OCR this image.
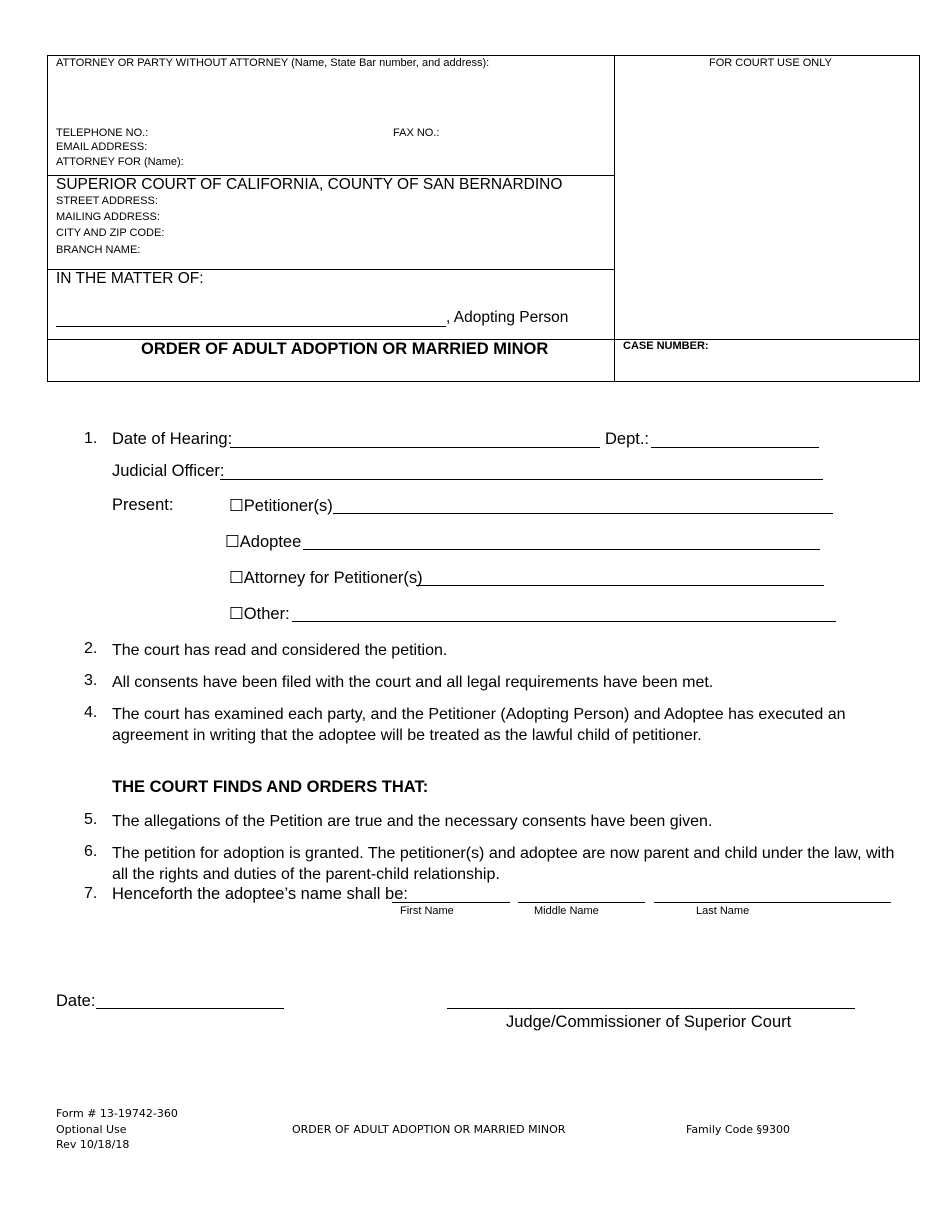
ATTORNEY OR PARTY WITHOUT ATTORNEY (Name, State Bar number, and address):	FOR COURT USE ONLY
TELEPHONE NO.:	FAX NO.:
EMAIL ADDRESS:
ATTORNEY FOR (Name):
SUPERIOR COURT OF CALIFORNIA, COUNTY OF SAN BERNARDINO
STREET ADDRESS:
MAILING ADDRESS:
CITY AND ZIP CODE:
BRANCH NAME:
IN THE MATTER OF:
, Adopting Person
ORDER OF ADULT ADOPTION OR MARRIED MINOR	CASE NUMBER:
1. Date of Hearing:	Dept.:
Judicial Officer:
Present:	☐Petitioner(s)
☐Adoptee
☐Attorney for Petitioner(s)
☐Other:
2. The court has read and considered the petition.
3. All consents have been filed with the court and all legal requirements have been met.
4. The court has examined each party, and the Petitioner (Adopting Person) and Adoptee has executed an agreement in writing that the adoptee will be treated as the lawful child of petitioner.
THE COURT FINDS AND ORDERS THAT:
5. The allegations of the Petition are true and the necessary consents have been given.
6. The petition for adoption is granted. The petitioner(s) and adoptee are now parent and child under the law, with all the rights and duties of the parent-child relationship.
7. Henceforth the adoptee’s name shall be:
First Name	Middle Name	Last Name
Date:
Judge/Commissioner of Superior Court
Form # 13-19742-360
Optional Use
Rev 10/18/18
ORDER OF ADULT ADOPTION OR MARRIED MINOR	Family Code §9300
